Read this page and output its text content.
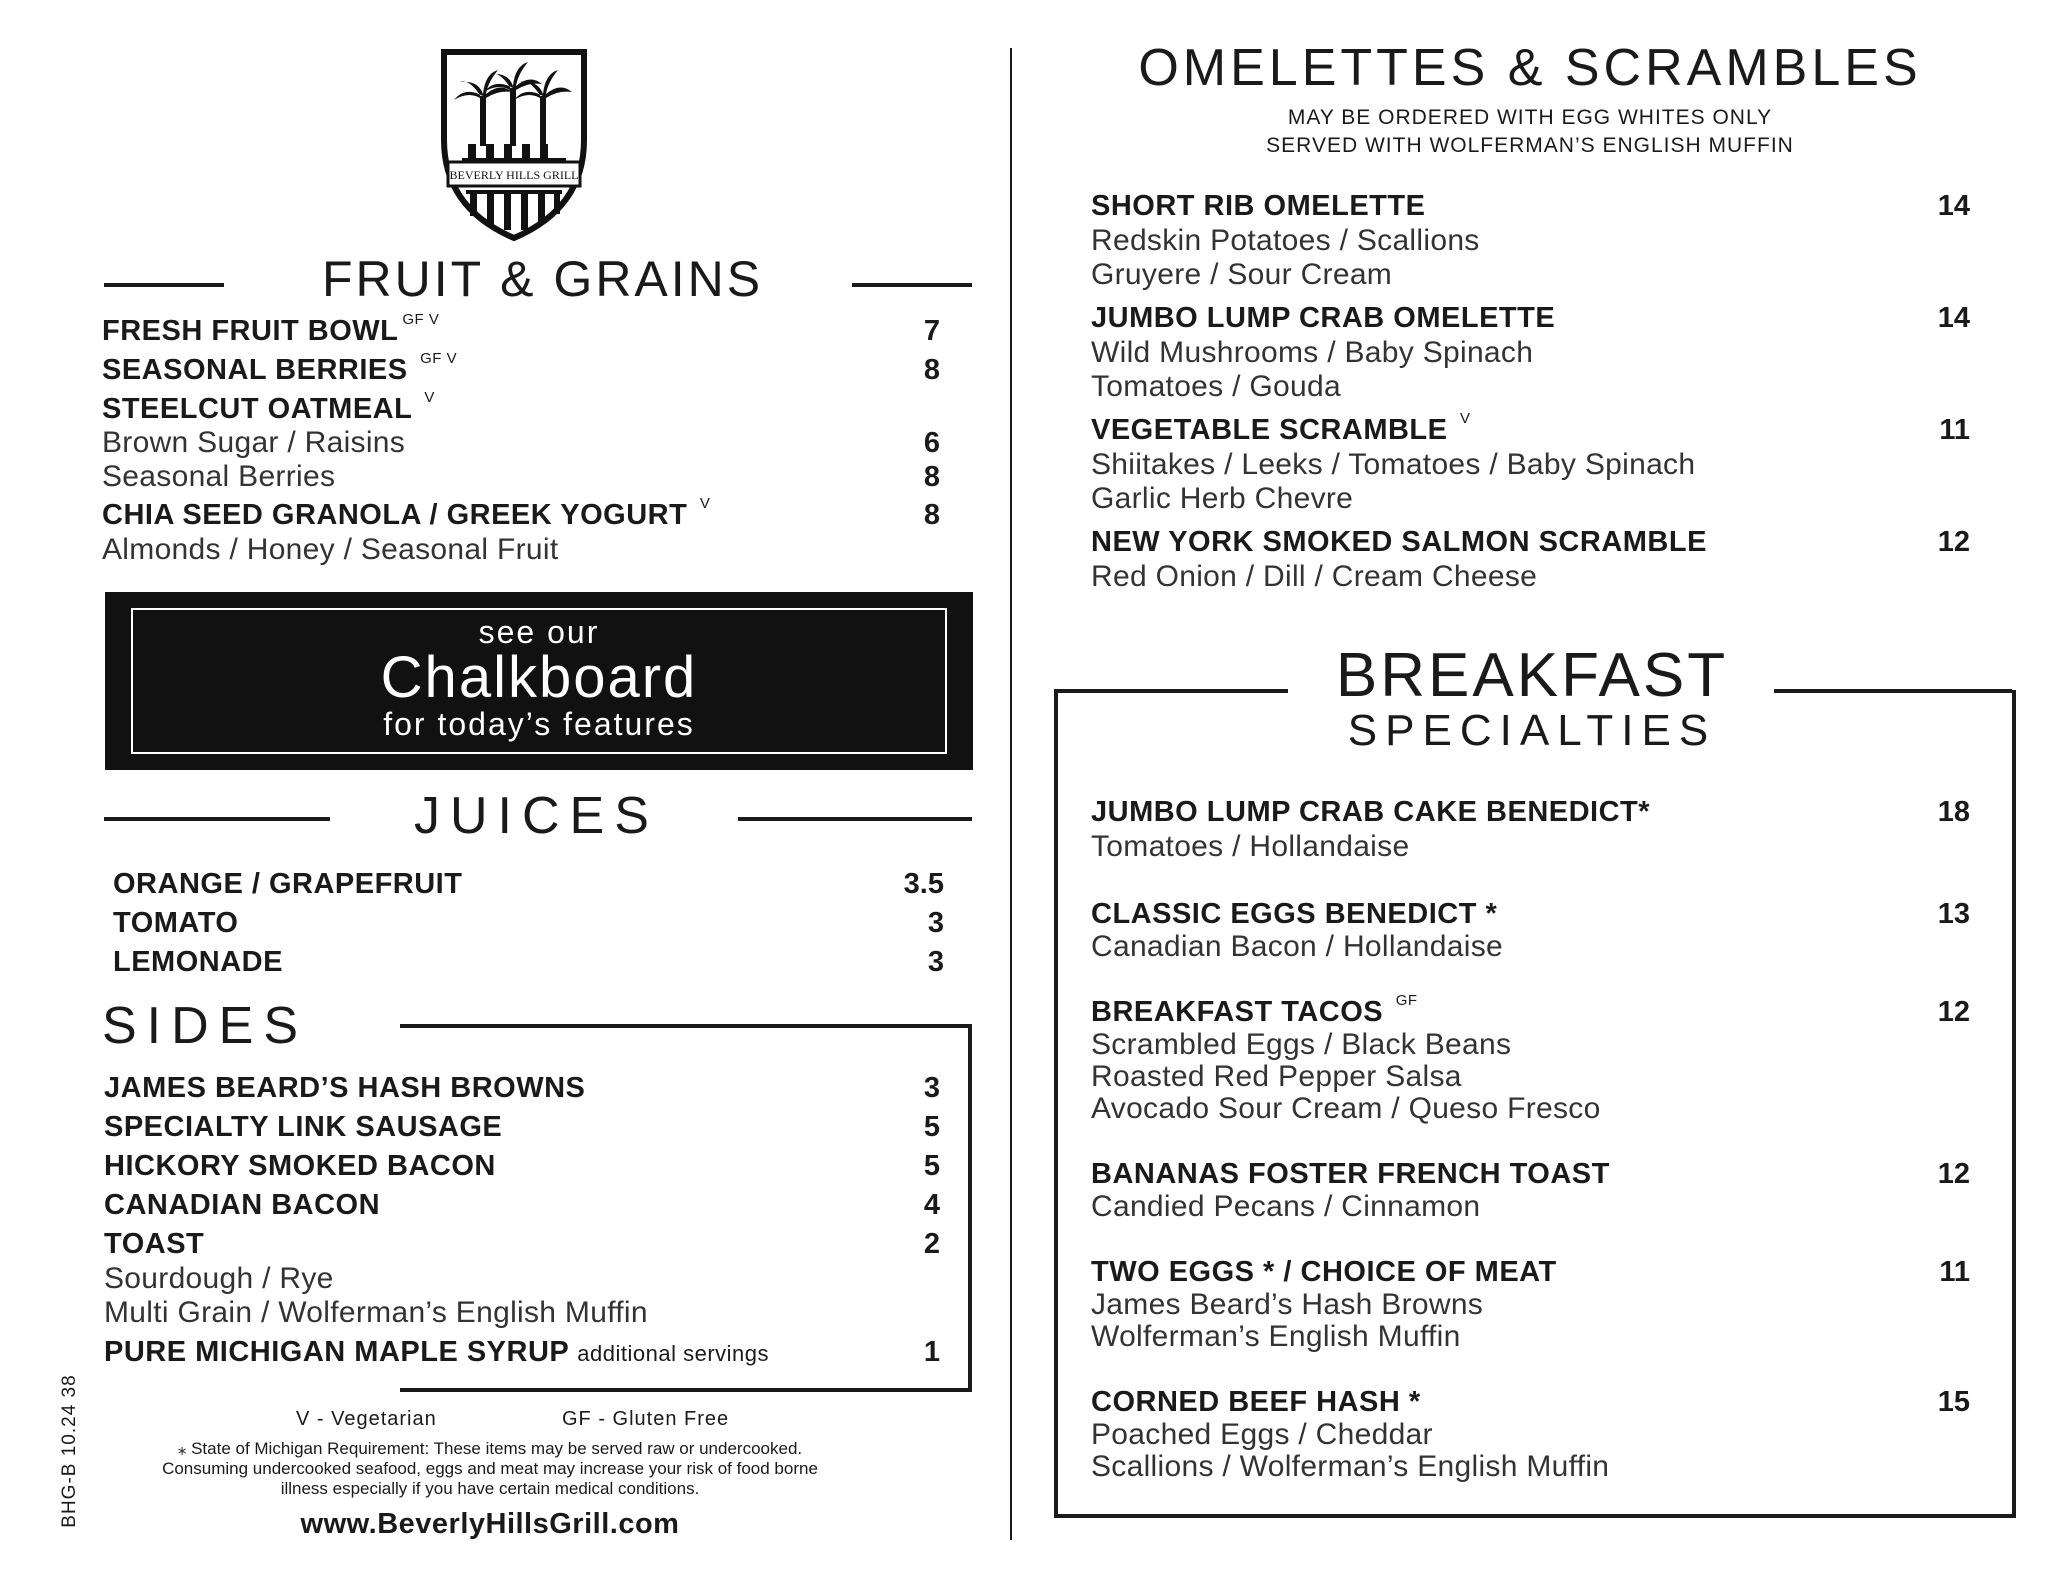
BEVERLY HILLS GRILL
FRUIT & GRAINS
FRESH FRUIT BOWL $^{GF V}$	7
SEASONAL BERRIES $^{GF V}$	8
STEELCUT OATMEAL $^V$
Brown Sugar / Raisins	6
Seasonal Berries	8
CHIA SEED GRANOLA / GREEK YOGURT $^V$	8
Almonds / Honey / Seasonal Fruit
see our
Chalkboard
for today’s features
JUICES
ORANGE / GRAPEFRUIT	3.5
TOMATO	3
LEMONADE	3
SIDES
JAMES BEARD’S HASH BROWNS	3
SPECIALTY LINK SAUSAGE	5
HICKORY SMOKED BACON	5
CANADIAN BACON	4
TOAST	2
Sourdough / Rye
Multi Grain / Wolferman’s English Muffin
PURE MICHIGAN MAPLE SYRUP additional servings	1
V - Vegetarian	GF - Gluten Free
⁎ State of Michigan Requirement: These items may be served raw or undercooked.
Consuming undercooked seafood, eggs and meat may increase your risk of food borne
illness especially if you have certain medical conditions.
www.BeverlyHillsGrill.com
BHG-B 10.24 38
OMELETTES & SCRAMBLES
MAY BE ORDERED WITH EGG WHITES ONLY
SERVED WITH WOLFERMAN’S ENGLISH MUFFIN
SHORT RIB OMELETTE	14
Redskin Potatoes / Scallions
Gruyere / Sour Cream
JUMBO LUMP CRAB OMELETTE	14
Wild Mushrooms / Baby Spinach
Tomatoes / Gouda
VEGETABLE SCRAMBLE $^V$	11
Shiitakes / Leeks / Tomatoes / Baby Spinach
Garlic Herb Chevre
NEW YORK SMOKED SALMON SCRAMBLE	12
Red Onion / Dill / Cream Cheese
BREAKFAST
SPECIALTIES
JUMBO LUMP CRAB CAKE BENEDICT*	18
Tomatoes / Hollandaise
CLASSIC EGGS BENEDICT *	13
Canadian Bacon / Hollandaise
BREAKFAST TACOS $^{GF}$	12
Scrambled Eggs / Black Beans
Roasted Red Pepper Salsa
Avocado Sour Cream / Queso Fresco
BANANAS FOSTER FRENCH TOAST	12
Candied Pecans / Cinnamon
TWO EGGS * / CHOICE OF MEAT	11
James Beard’s Hash Browns
Wolferman’s English Muffin
CORNED BEEF HASH *	15
Poached Eggs / Cheddar
Scallions / Wolferman’s English Muffin
